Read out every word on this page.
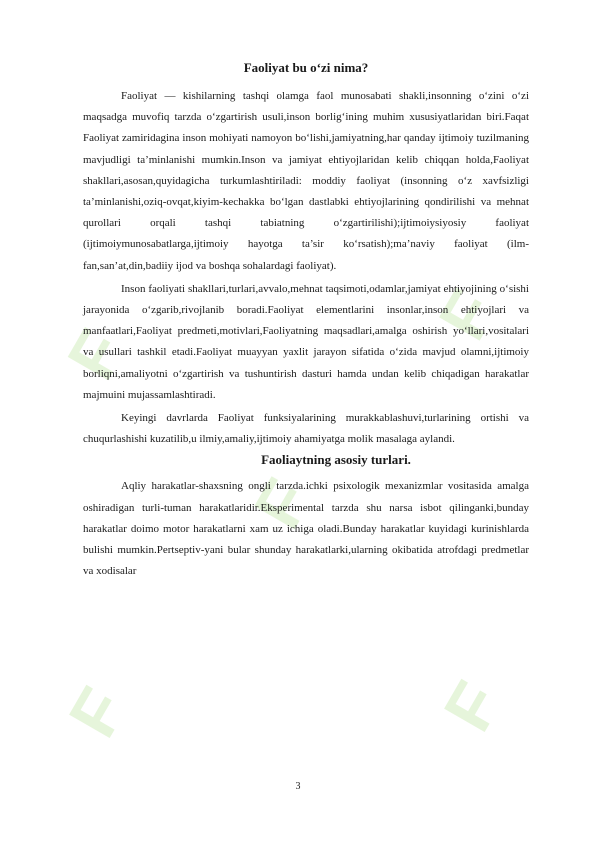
F
F
F
F
F
Faoliyat bu o‘zi nima?

Faoliyat — kishilarning tashqi olamga faol munosabati shakli,insonning o‘zini o‘zi maqsadga muvofiq tarzda o‘zgartirish usuli,inson borlig‘ining muhim xususiyatlaridan biri.Faqat Faoliyat zamiridagina inson mohiyati namoyon bo‘lishi,jamiyatning,har qanday ijtimoiy tuzilmaning mavjudligi ta’minlanishi mumkin.Inson va jamiyat ehtiyojlaridan kelib chiqqan holda,Faoliyat shakllari,asosan,quyidagicha turkumlashtiriladi: moddiy faoliyat (insonning o‘z xavfsizligi ta’minlanishi,oziq-ovqat,kiyim-kechakka bo‘lgan dastlabki ehtiyojlarining qondirilishi va mehnat qurollari orqali tashqi tabiatning o‘zgartirilishi);ijtimoiysiyosiy faoliyat (ijtimoiymunosabatlarga,ijtimoiy hayotga ta’sir ko‘rsatish);ma’naviy faoliyat (ilm-fan,san’at,din,badiiy ijod va boshqa sohalardagi faoliyat).

Inson faoliyati shakllari,turlari,avvalo,mehnat taqsimoti,odamlar,jamiyat ehtiyojining o‘sishi jarayonida o‘zgarib,rivojlanib boradi.Faoliyat elementlarini insonlar,inson ehtiyojlari va manfaatlari,Faoliyat predmeti,motivlari,Faoliyatning maqsadlari,amalga oshirish yo‘llari,vositalari va usullari tashkil etadi.Faoliyat muayyan yaxlit jarayon sifatida o‘zida mavjud olamni,ijtimoiy borliqni,amaliyotni o‘zgartirish va tushuntirish dasturi hamda undan kelib chiqadigan harakatlar majmuini mujassamlashtiradi.

Keyingi davrlarda Faoliyat funksiyalarining murakkablashuvi,turlarining ortishi va chuqurlashishi kuzatilib,u ilmiy,amaliy,ijtimoiy ahamiyatga molik masalaga aylandi.

Faoliaytning asosiy turlari.

Aqliy harakatlar-shaxsning ongli tarzda.ichki psixologik mexanizmlar vositasida amalga oshiradigan turli-tuman harakatlaridir.Eksperimental tarzda shu narsa isbot qilinganki,bunday harakatlar doimo motor harakatlarni xam uz ichiga oladi.Bunday harakatlar kuyidagi kurinishlarda bulishi mumkin.Pertseptiv-yani bular shunday harakatlarki,ularning okibatida atrofdagi predmetlar va xodisalar

3
